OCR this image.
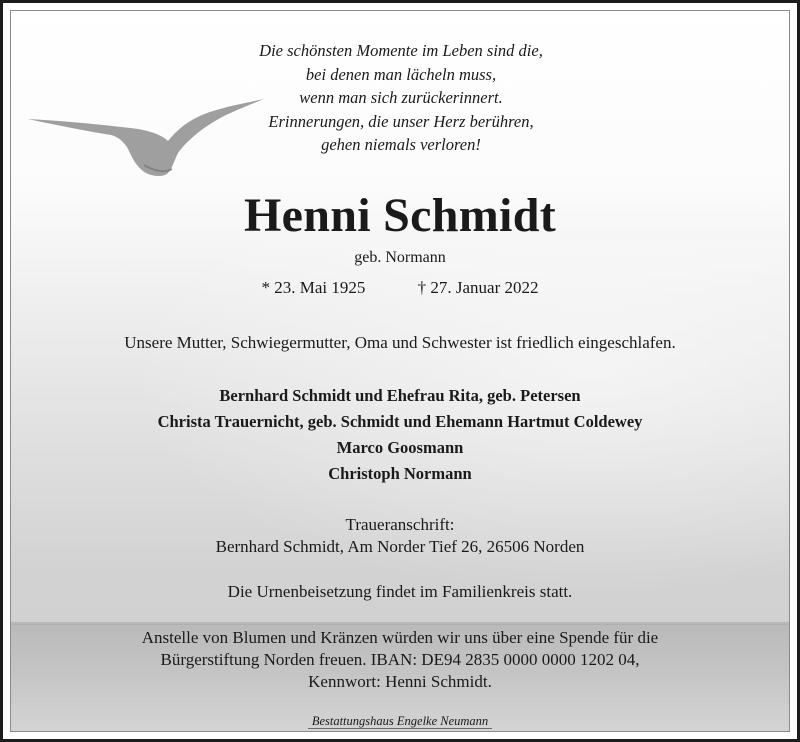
Die schönsten Momente im Leben sind die,
bei denen man lächeln muss,
wenn man sich zurückerinnert.
Erinnerungen, die unser Herz berühren,
gehen niemals verloren!
Henni Schmidt
geb. Normann
* 23. Mai 1925	† 27. Januar 2022
Unsere Mutter, Schwiegermutter, Oma und Schwester ist friedlich eingeschlafen.
Bernhard Schmidt und Ehefrau Rita, geb. Petersen
Christa Trauernicht, geb. Schmidt und Ehemann Hartmut Coldewey
Marco Goosmann
Christoph Normann
Traueranschrift:
Bernhard Schmidt, Am Norder Tief 26, 26506 Norden
Die Urnenbeisetzung findet im Familienkreis statt.
Anstelle von Blumen und Kränzen würden wir uns über eine Spende für die
Bürgerstiftung Norden freuen. IBAN: DE94 2835 0000 0000 1202 04,
Kennwort: Henni Schmidt.
Bestattungshaus Engelke Neumann
